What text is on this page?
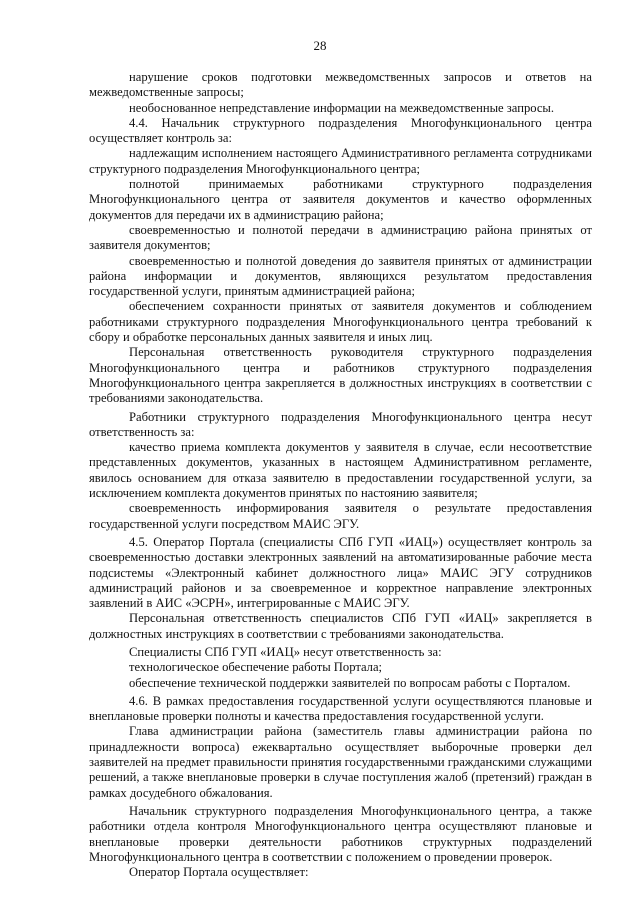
28

нарушение сроков подготовки межведомственных запросов и ответов на межведомственные запросы;

необоснованное непредставление информации на межведомственные запросы.

4.4. Начальник структурного подразделения Многофункционального центра осуществляет контроль за:

надлежащим исполнением настоящего Административного регламента сотрудниками структурного подразделения Многофункционального центра;

полнотой принимаемых работниками структурного подразделения Многофункционального центра от заявителя документов и качество оформленных документов для передачи их в администрацию района;

своевременностью и полнотой передачи в администрацию района принятых от заявителя документов;

своевременностью и полнотой доведения до заявителя принятых от администрации района информации и документов, являющихся результатом предоставления государственной услуги, принятым администрацией района;

обеспечением сохранности принятых от заявителя документов и соблюдением работниками структурного подразделения Многофункционального центра требований к сбору и обработке персональных данных заявителя и иных лиц.

Персональная ответственность руководителя структурного подразделения Многофункционального центра и работников структурного подразделения Многофункционального центра закрепляется в должностных инструкциях в соответствии с требованиями законодательства.

Работники структурного подразделения Многофункционального центра несут ответственность за:

качество приема комплекта документов у заявителя в случае, если несоответствие представленных документов, указанных в настоящем Административном регламенте, явилось основанием для отказа заявителю в предоставлении государственной услуги, за исключением комплекта документов принятых по настоянию заявителя;

своевременность информирования заявителя о результате предоставления государственной услуги посредством МАИС ЭГУ.

4.5. Оператор Портала (специалисты СПб ГУП «ИАЦ») осуществляет контроль за своевременностью доставки электронных заявлений на автоматизированные рабочие места подсистемы «Электронный кабинет должностного лица» МАИС ЭГУ сотрудников администраций районов и за своевременное и корректное направление электронных заявлений в АИС «ЭСРН», интегрированные с МАИС ЭГУ.

Персональная ответственность специалистов СПб ГУП «ИАЦ» закрепляется в должностных инструкциях в соответствии с требованиями законодательства.

Специалисты СПб ГУП «ИАЦ» несут ответственность за:

технологическое обеспечение работы Портала;

обеспечение технической поддержки заявителей по вопросам работы с Порталом.

4.6. В рамках предоставления государственной услуги осуществляются плановые и внеплановые проверки полноты и качества предоставления государственной услуги.

Глава администрации района (заместитель главы администрации района по принадлежности вопроса) ежеквартально осуществляет выборочные проверки дел заявителей на предмет правильности принятия государственными гражданскими служащими решений, а также внеплановые проверки в случае поступления жалоб (претензий) граждан в рамках досудебного обжалования.

Начальник структурного подразделения Многофункционального центра, а также работники отдела контроля Многофункционального центра осуществляют плановые и внеплановые проверки деятельности работников структурных подразделений Многофункционального центра в соответствии с положением о проведении проверок.

Оператор Портала осуществляет:
